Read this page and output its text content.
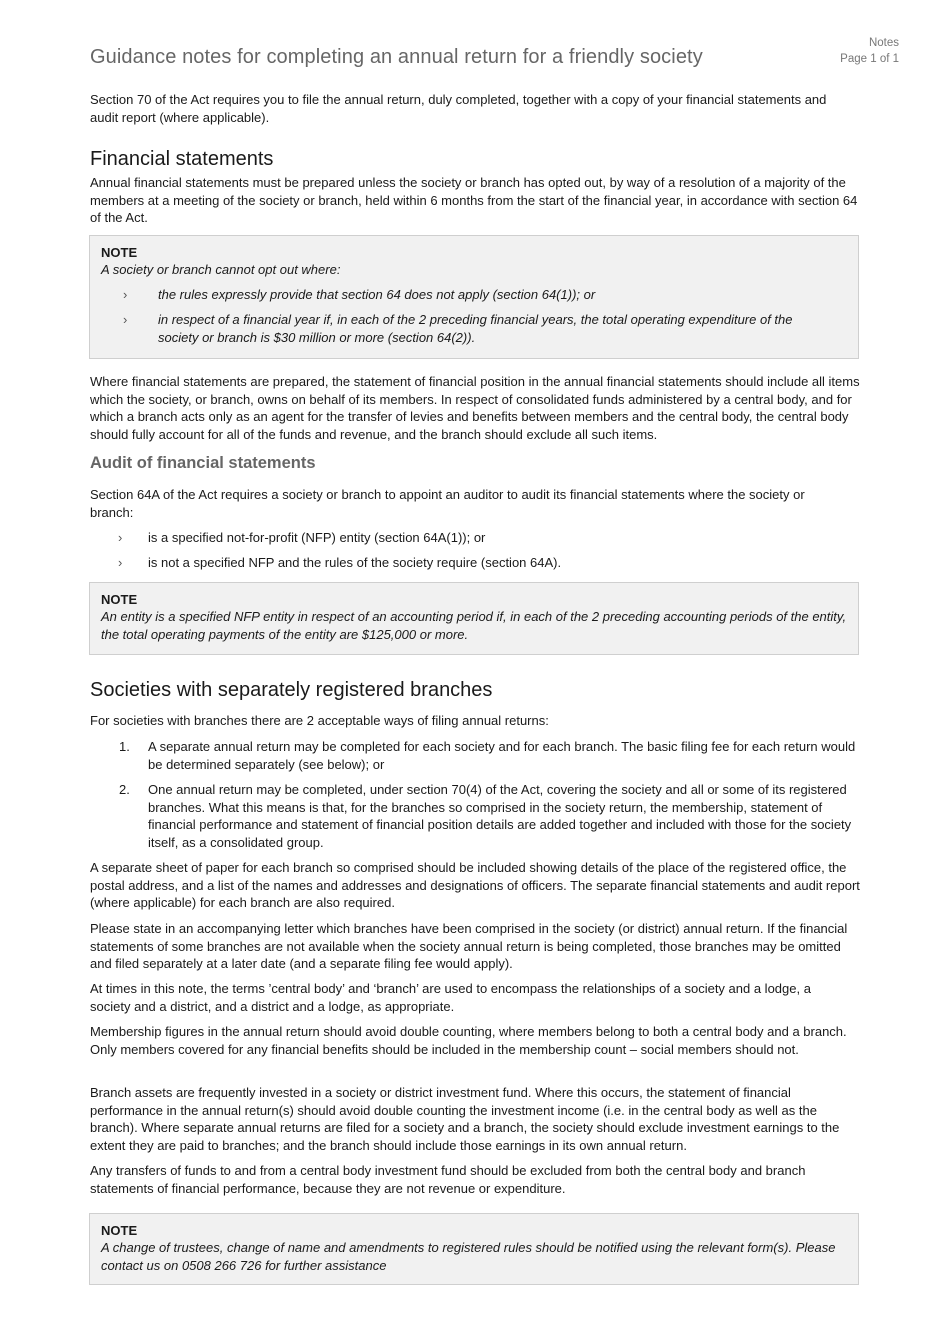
Notes
Page 1 of 1
Guidance notes for completing an annual return for a friendly society

Section 70 of the Act requires you to file the annual return, duly completed, together with a copy of your financial statements and audit report (where applicable).

Financial statements

Annual financial statements must be prepared unless the society or branch has opted out, by way of a resolution of a majority of the members at a meeting of the society or branch, held within 6 months from the start of the financial year, in accordance with section 64 of the Act.

NOTE
A society or branch cannot opt out where:
› the rules expressly provide that section 64 does not apply (section 64(1)); or
› in respect of a financial year if, in each of the 2 preceding financial years, the total operating expenditure of the society or branch is $30 million or more (section 64(2)).

Where financial statements are prepared, the statement of financial position in the annual financial statements should include all items which the society, or branch, owns on behalf of its members. In respect of consolidated funds administered by a central body, and for which a branch acts only as an agent for the transfer of levies and benefits between members and the central body, the central body should fully account for all of the funds and revenue, and the branch should exclude all such items.

Audit of financial statements

Section 64A of the Act requires a society or branch to appoint an auditor to audit its financial statements where the society or branch:

› is a specified not-for-profit (NFP) entity (section 64A(1)); or
› is not a specified NFP and the rules of the society require (section 64A).
NOTE
An entity is a specified NFP entity in respect of an accounting period if, in each of the 2 preceding accounting periods of the entity, the total operating payments of the entity are $125,000 or more.
Societies with separately registered branches

For societies with branches there are 2 acceptable ways of filing annual returns:

1. A separate annual return may be completed for each society and for each branch. The basic filing fee for each return would be determined separately (see below); or
2. One annual return may be completed, under section 70(4) of the Act, covering the society and all or some of its registered branches. What this means is that, for the branches so comprised in the society return, the membership, statement of financial performance and statement of financial position details are added together and included with those for the society itself, as a consolidated group.

A separate sheet of paper for each branch so comprised should be included showing details of the place of the registered office, the postal address, and a list of the names and addresses and designations of officers. The separate financial statements and audit report (where applicable) for each branch are also required.

Please state in an accompanying letter which branches have been comprised in the society (or district) annual return. If the financial statements of some branches are not available when the society annual return is being completed, those branches may be omitted and filed separately at a later date (and a separate filing fee would apply).

At times in this note, the terms ’central body’ and ‘branch’ are used to encompass the relationships of a society and a lodge, a society and a district, and a district and a lodge, as appropriate.

Membership figures in the annual return should avoid double counting, where members belong to both a central body and a branch. Only members covered for any financial benefits should be included in the membership count – social members should not.

Branch assets are frequently invested in a society or district investment fund. Where this occurs, the statement of financial performance in the annual return(s) should avoid double counting the investment income (i.e. in the central body as well as the branch). Where separate annual returns are filed for a society and a branch, the society should exclude investment earnings to the extent they are paid to branches; and the branch should include those earnings in its own annual return.

Any transfers of funds to and from a central body investment fund should be excluded from both the central body and branch statements of financial performance, because they are not revenue or expenditure.

NOTE
A change of trustees, change of name and amendments to registered rules should be notified using the relevant form(s). Please contact us on 0508 266 726 for further assistance
